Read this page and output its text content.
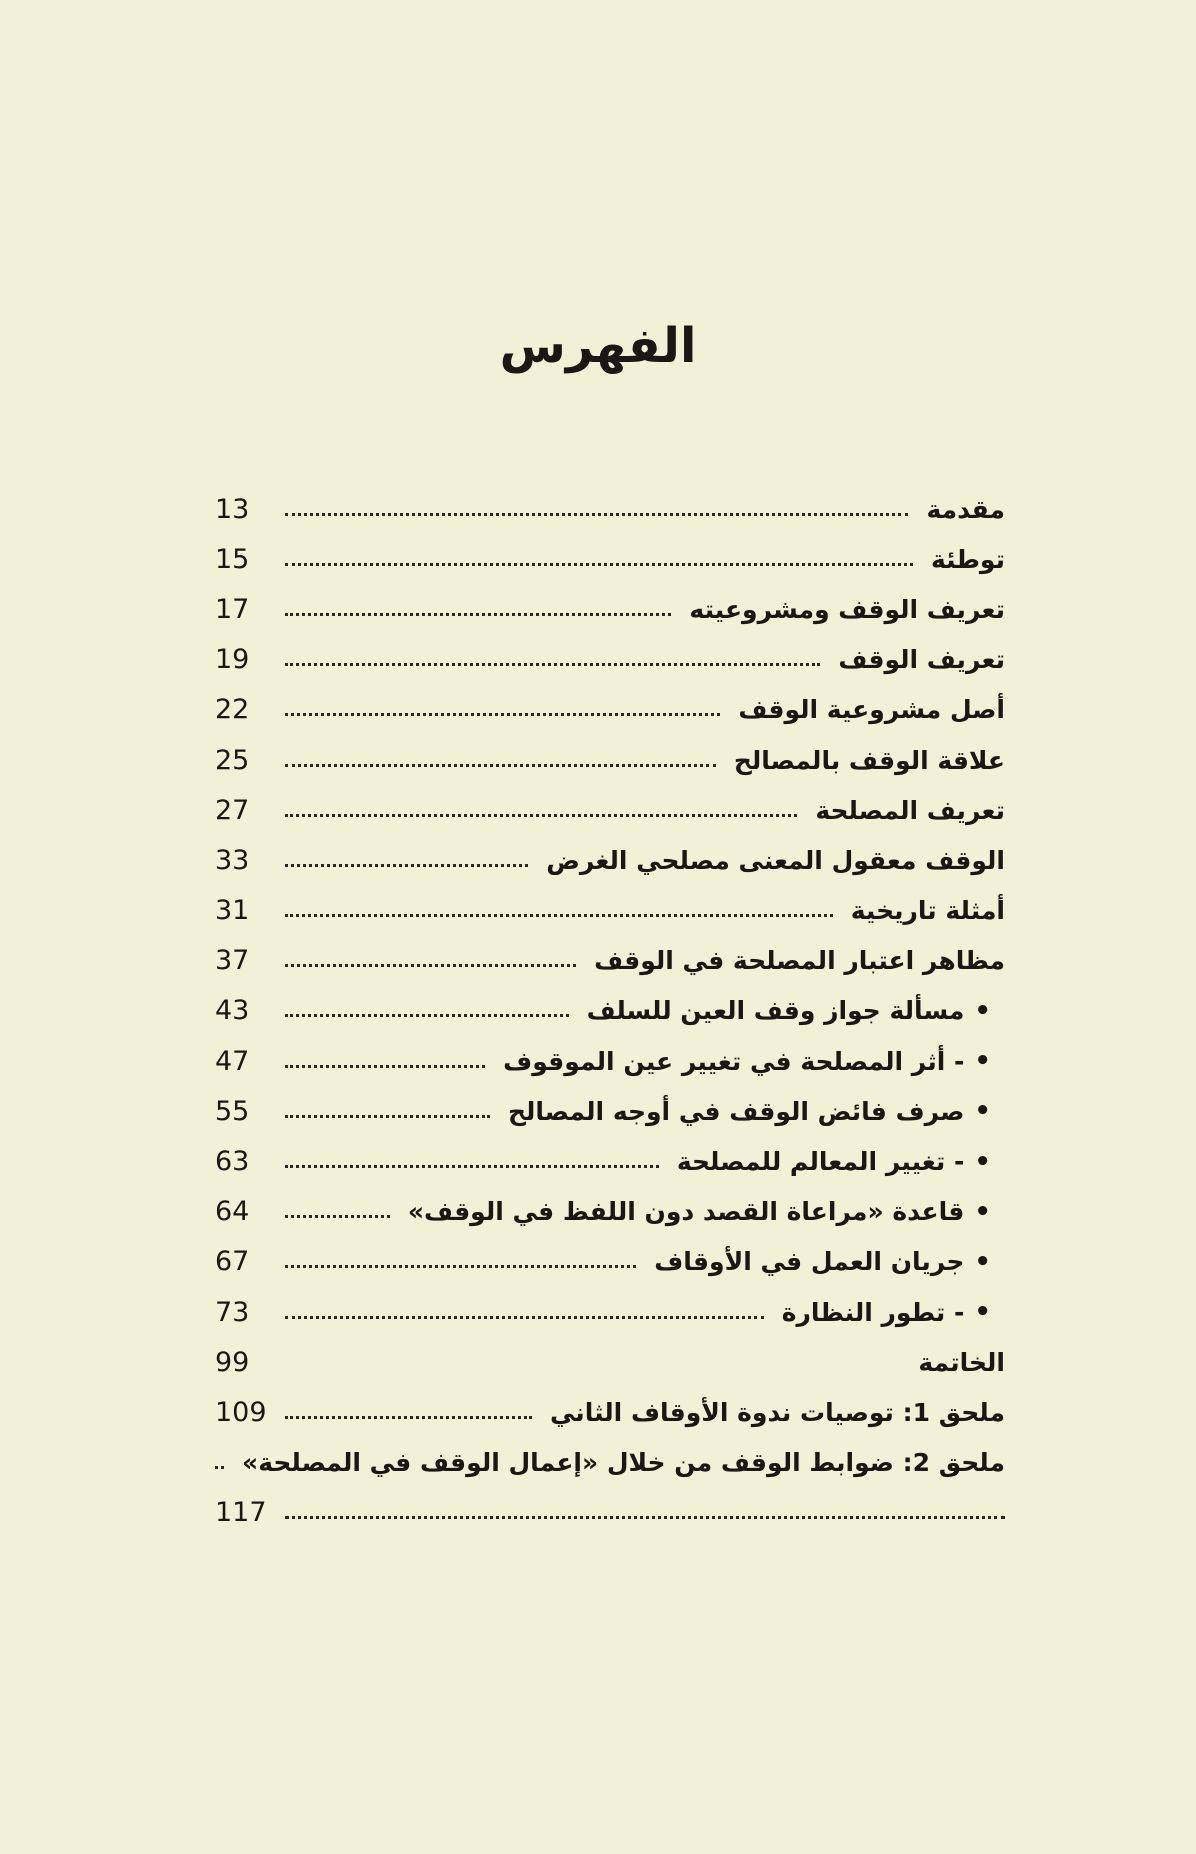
الفهرس
مقدمة
13
توطئة
15
تعريف الوقف ومشروعيته
17
تعريف الوقف
19
أصل مشروعية الوقف
22
علاقة الوقف بالمصالح
25
تعريف المصلحة
27
الوقف معقول المعنى مصلحي الغرض
33
أمثلة تاريخية
31
مظاهر اعتبار المصلحة في الوقف
37
•
مسألة جواز وقف العين للسلف
43
•
- أثر المصلحة في تغيير عين الموقوف
47
•
صرف فائض الوقف في أوجه المصالح
55
•
- تغيير المعالم للمصلحة
63
•
قاعدة «مراعاة القصد دون اللفظ في الوقف»
64
•
جريان العمل في الأوقاف
67
•
- تطور النظارة
73
الخاتمة
99
ملحق 1: توصيات ندوة الأوقاف الثاني
109
ملحق 2: ضوابط الوقف من خلال «إعمال الوقف في المصلحة»
117
